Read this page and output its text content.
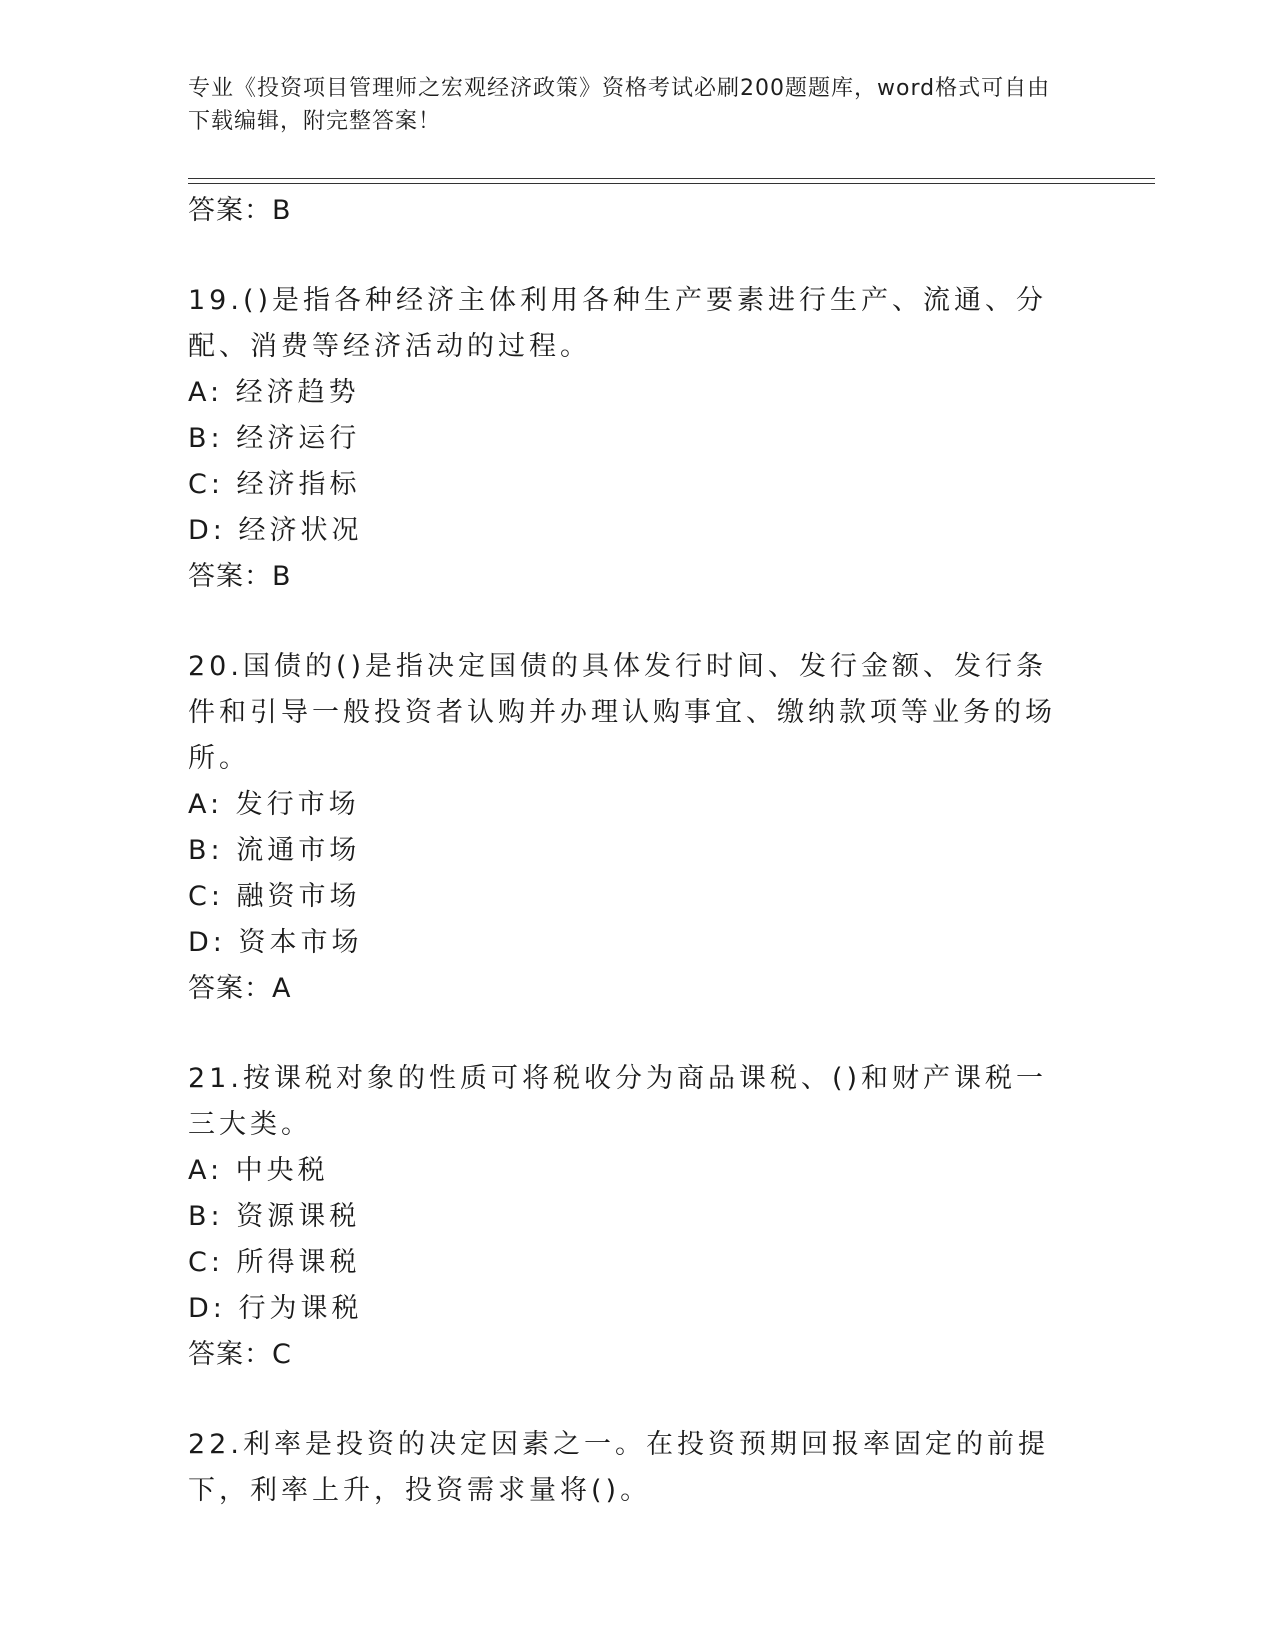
专业《投资项目管理师之宏观经济政策》资格考试必刷200题题库，word格式可自由下载编辑，附完整答案！

答案：B

19.()是指各种经济主体利用各种生产要素进行生产、流通、分配、消费等经济活动的过程。

A: 经济趋势

B: 经济运行

C: 经济指标

D: 经济状况

答案：B

20.国债的()是指决定国债的具体发行时间、发行金额、发行条件和引导一般投资者认购并办理认购事宜、缴纳款项等业务的场所。

A: 发行市场

B: 流通市场

C: 融资市场

D: 资本市场

答案：A

21.按课税对象的性质可将税收分为商品课税、()和财产课税一三大类。

A: 中央税

B: 资源课税

C: 所得课税

D: 行为课税

答案：C

22.利率是投资的决定因素之一。在投资预期回报率固定的前提下，利率上升，投资需求量将()。
